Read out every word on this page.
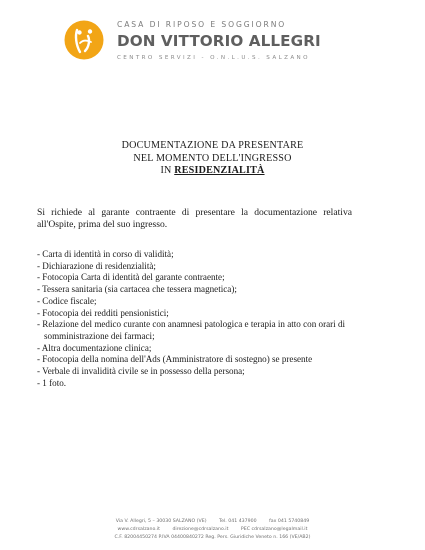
CASA DI RIPOSO E SOGGIORNO
DON VITTORIO ALLEGRI
CENTRO SERVIZI - O.N.L.U.S. SALZANO
DOCUMENTAZIONE DA PRESENTARE
NEL MOMENTO DELL'INGRESSO
IN RESIDENZIALITÀ

Si richiede al garante contraente di presentare la documentazione relativa all'Ospite, prima del suo ingresso.

- Carta di identità in corso di validità;
- Dichiarazione di residenzialità;
- Fotocopia Carta di identità del garante contraente;
- Tessera sanitaria (sia cartacea che tessera magnetica);
- Codice fiscale;
- Fotocopia dei redditi pensionistici;
- Relazione del medico curante con anamnesi patologica e terapia in atto con orari di somministrazione dei farmaci;
- Altra documentazione clinica;
- Fotocopia della nomina dell'Ads (Amministratore di sostegno) se presente
- Verbale di invalidità civile se in possesso della persona;
- 1 foto.
Via V. Allegri, 5 – 30030 SALZANO (VE)	Tel. 041 437900	fax 041 5740849
www.cdrsalzano.it	direzione@cdrsalzano.it	PEC cdrsalzano@legalmail.it
C.F. 82004450274 P.IVA 04400840272 Reg. Pers. Giuridiche Veneto n. 166 (VE/AB2)
